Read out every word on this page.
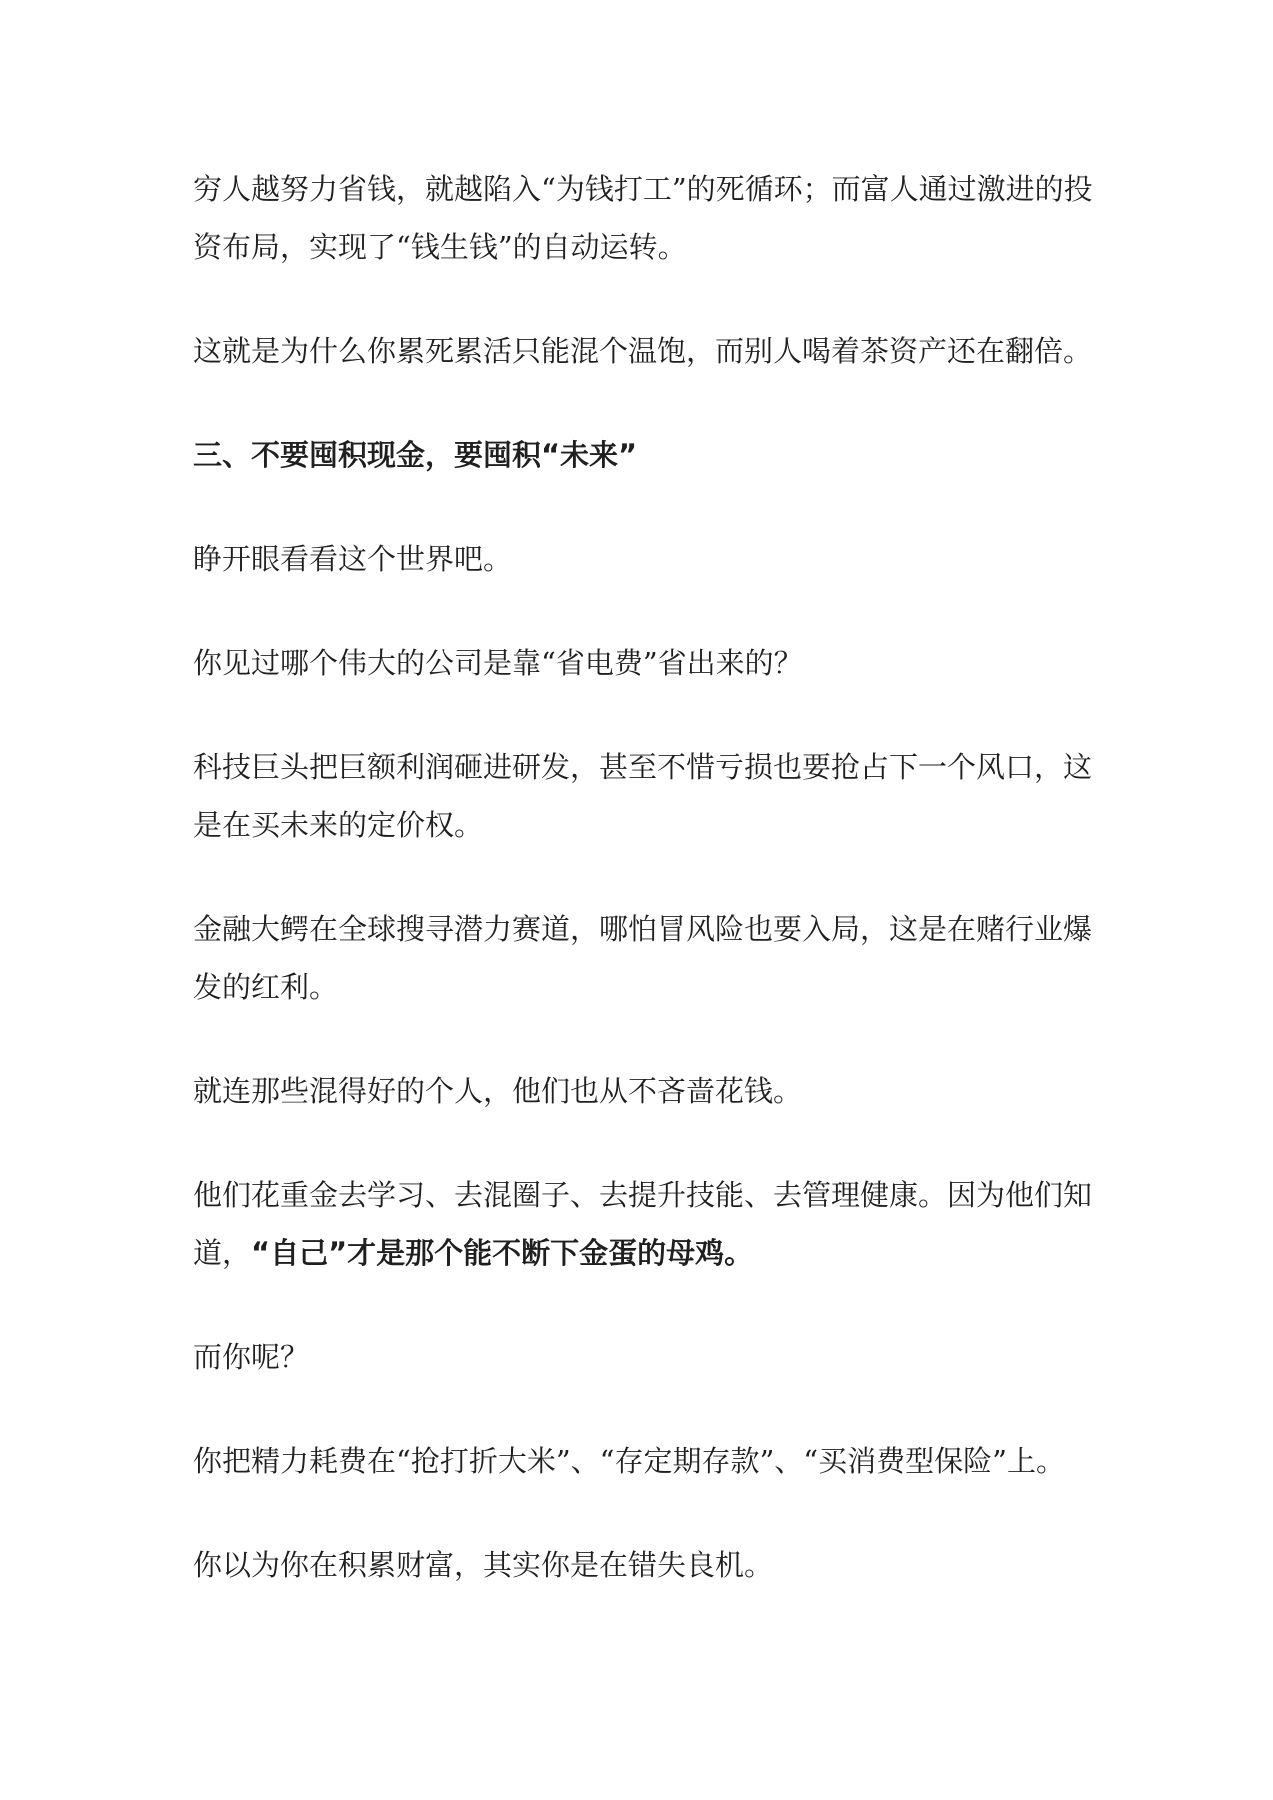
穷人越努力省钱，就越陷入“为钱打工”的死循环；而富人通过激进的投资布局，实现了“钱生钱”的自动运转。

这就是为什么你累死累活只能混个温饱，而别人喝着茶资产还在翻倍。

三、不要囤积现金，要囤积“未来”

睁开眼看看这个世界吧。

你见过哪个伟大的公司是靠“省电费”省出来的？

科技巨头把巨额利润砸进研发，甚至不惜亏损也要抢占下一个风口，这是在买未来的定价权。

金融大鳄在全球搜寻潜力赛道，哪怕冒风险也要入局，这是在赌行业爆发的红利。

就连那些混得好的个人，他们也从不吝啬花钱。

他们花重金去学习、去混圈子、去提升技能、去管理健康。因为他们知道，“自己”才是那个能不断下金蛋的母鸡。

而你呢？

你把精力耗费在“抢打折大米”、“存定期存款”、“买消费型保险”上。

你以为你在积累财富，其实你是在错失良机。
